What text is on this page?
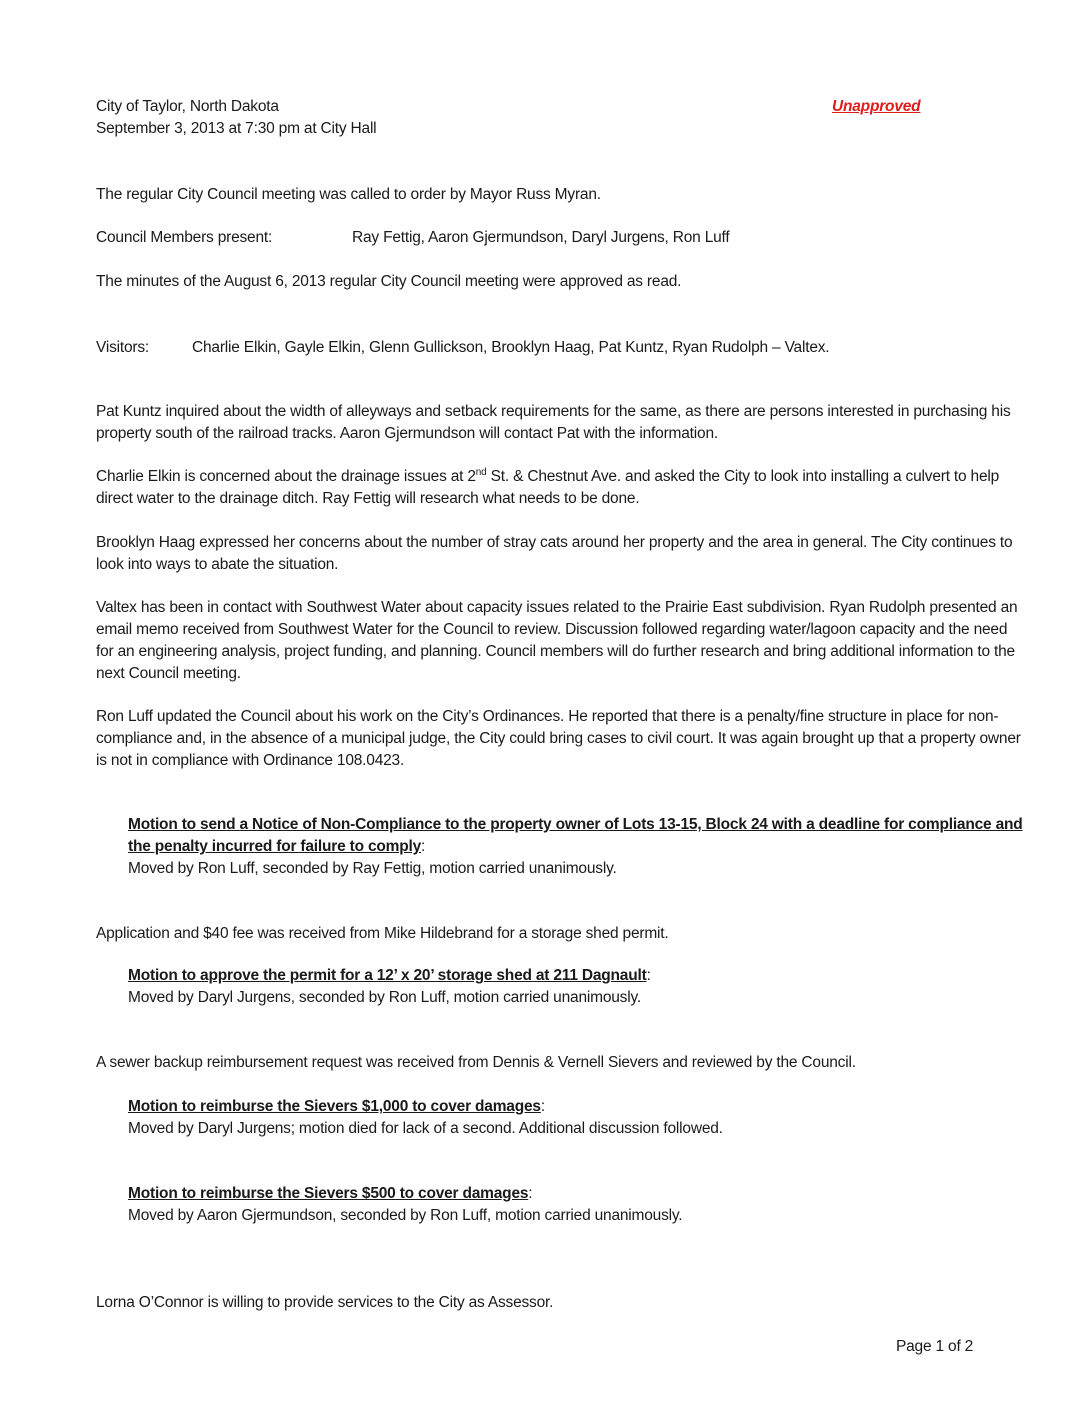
City of Taylor, North Dakota	Unapproved
September 3, 2013 at 7:30 pm at City Hall
The regular City Council meeting was called to order by Mayor Russ Myran.
Council Members present:	Ray Fettig, Aaron Gjermundson, Daryl Jurgens, Ron Luff
The minutes of the August 6, 2013 regular City Council meeting were approved as read.
Visitors:	Charlie Elkin, Gayle Elkin, Glenn Gullickson, Brooklyn Haag, Pat Kuntz, Ryan Rudolph – Valtex.
Pat Kuntz inquired about the width of alleyways and setback requirements for the same, as there are persons interested in purchasing his property south of the railroad tracks. Aaron Gjermundson will contact Pat with the information.
Charlie Elkin is concerned about the drainage issues at 2nd St. & Chestnut Ave. and asked the City to look into installing a culvert to help direct water to the drainage ditch. Ray Fettig will research what needs to be done.
Brooklyn Haag expressed her concerns about the number of stray cats around her property and the area in general. The City continues to look into ways to abate the situation.
Valtex has been in contact with Southwest Water about capacity issues related to the Prairie East subdivision. Ryan Rudolph presented an email memo received from Southwest Water for the Council to review. Discussion followed regarding water/lagoon capacity and the need for an engineering analysis, project funding, and planning. Council members will do further research and bring additional information to the next Council meeting.
Ron Luff updated the Council about his work on the City’s Ordinances. He reported that there is a penalty/fine structure in place for non-compliance and, in the absence of a municipal judge, the City could bring cases to civil court. It was again brought up that a property owner is not in compliance with Ordinance 108.0423.
Motion to send a Notice of Non-Compliance to the property owner of Lots 13-15, Block 24 with a deadline for compliance and the penalty incurred for failure to comply:
Moved by Ron Luff, seconded by Ray Fettig, motion carried unanimously.
Application and $40 fee was received from Mike Hildebrand for a storage shed permit.
Motion to approve the permit for a 12’ x 20’ storage shed at 211 Dagnault:
Moved by Daryl Jurgens, seconded by Ron Luff, motion carried unanimously.
A sewer backup reimbursement request was received from Dennis & Vernell Sievers and reviewed by the Council.
Motion to reimburse the Sievers $1,000 to cover damages:
Moved by Daryl Jurgens; motion died for lack of a second. Additional discussion followed.
Motion to reimburse the Sievers $500 to cover damages:
Moved by Aaron Gjermundson, seconded by Ron Luff, motion carried unanimously.
Lorna O’Connor is willing to provide services to the City as Assessor.
Page 1 of 2
